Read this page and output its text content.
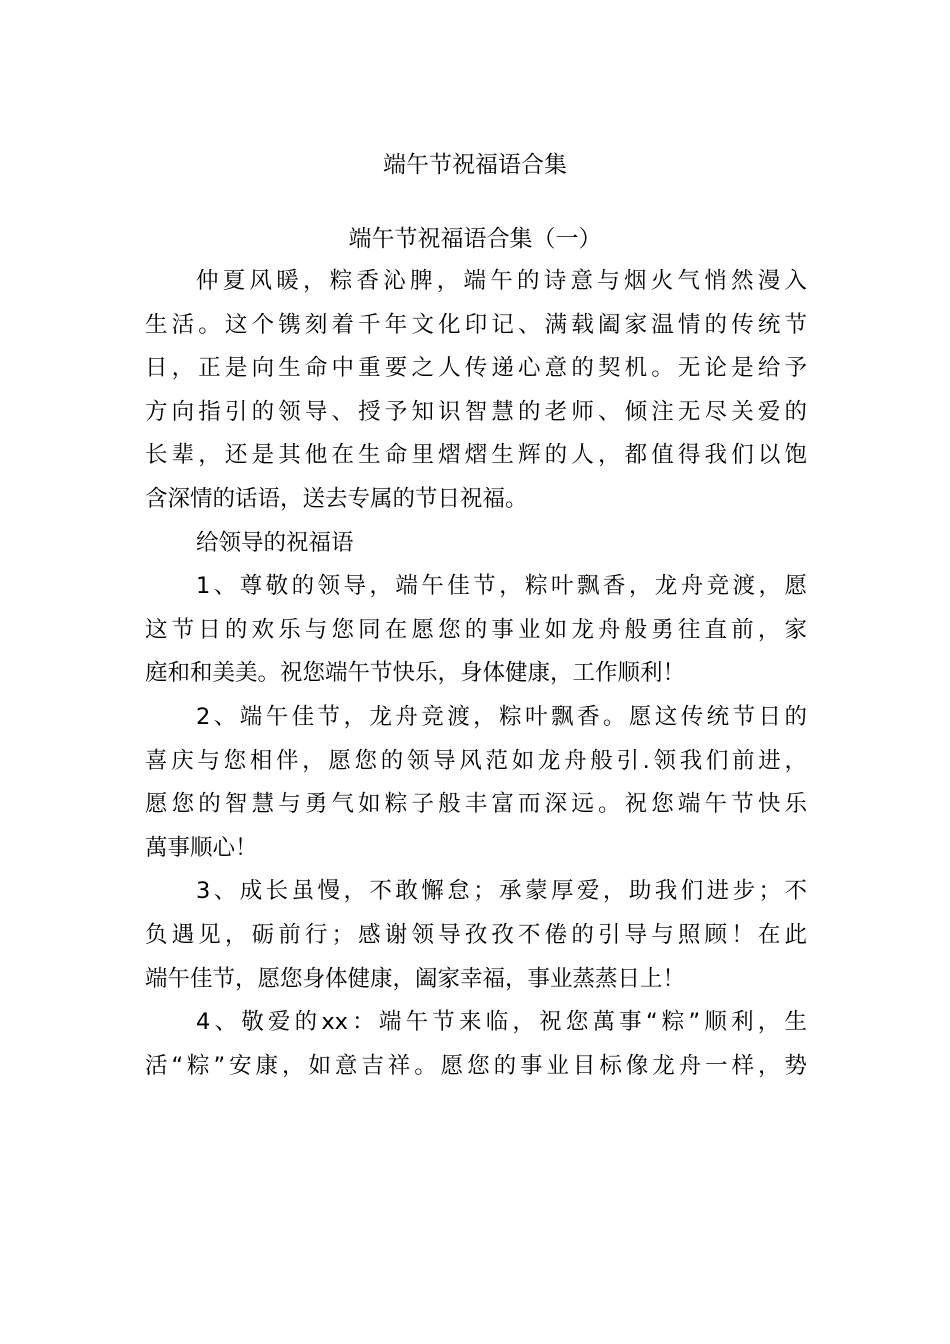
端午节祝福语合集
端午节祝福语合集（一）
仲夏风暖，粽香沁脾，端午的诗意与烟火气悄然漫入
生活。这个镌刻着千年文化印记、满载阖家温情的传统节
日，正是向生命中重要之人传递心意的契机。无论是给予
方向指引的领导、授予知识智慧的老师、倾注无尽关爱的
长辈，还是其他在生命里熠熠生辉的人，都值得我们以饱
含深情的话语，送去专属的节日祝福。
给领导的祝福语
1、尊敬的领导，端午佳节，粽叶飘香，龙舟竞渡，愿
这节日的欢乐与您同在愿您的事业如龙舟般勇往直前，家
庭和和美美。祝您端午节快乐，身体健康，工作顺利！
2、端午佳节，龙舟竞渡，粽叶飘香。愿这传统节日的
喜庆与您相伴，愿您的领导风范如龙舟般引.领我们前进，
愿您的智慧与勇气如粽子般丰富而深远。祝您端午节快乐
萬事顺心！
3、成长虽慢，不敢懈怠；承蒙厚爱，助我们进步；不
负遇见，砺前行；感谢领导孜孜不倦的引导与照顾！在此
端午佳节，愿您身体健康，阖家幸福，事业蒸蒸日上！
4、敬爱的xx：端午节来临，祝您萬事“粽”顺利，生
活“粽”安康，如意吉祥。愿您的事业目标像龙舟一样，势
